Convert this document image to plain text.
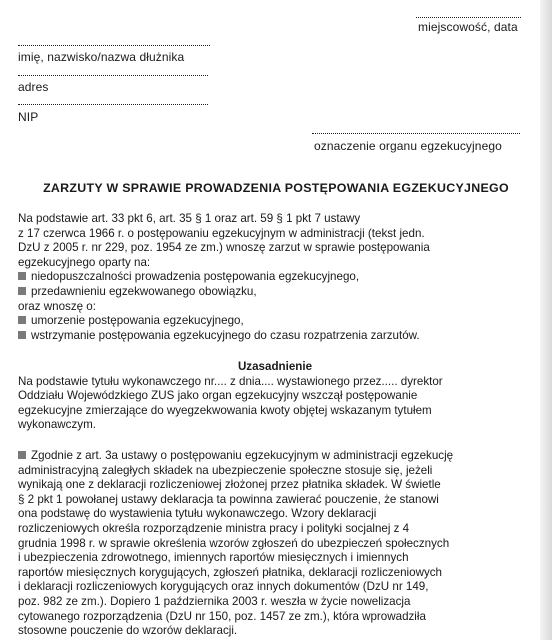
miejscowość, data
imię, nazwisko/nazwa dłużnika
adres
NIP
oznaczenie organu egzekucyjnego
ZARZUTY W SPRAWIE PROWADZENIA POSTĘPOWANIA EGZEKUCYJNEGO
Na podstawie art. 33 pkt 6, art. 35 § 1 oraz art. 59 § 1 pkt 7 ustawy
z 17 czerwca 1966 r. o postępowaniu egzekucyjnym w administracji (tekst jedn.
DzU z 2005 r. nr 229, poz. 1954 ze zm.) wnoszę zarzut w sprawie postępowania
egzekucyjnego oparty na:
niedopuszczalności prowadzenia postępowania egzekucyjnego,
przedawnieniu egzekwowanego obowiązku,
oraz wnoszę o:
umorzenie postępowania egzekucyjnego,
wstrzymanie postępowania egzekucyjnego do czasu rozpatrzenia zarzutów.
Uzasadnienie
Na podstawie tytułu wykonawczego nr.... z dnia.... wystawionego przez..... dyrektor
Oddziału Wojewódzkiego ZUS jako organ egzekucyjny wszczął postępowanie
egzekucyjne zmierzające do wyegzekwowania kwoty objętej wskazanym tytułem
wykonawczym.
Zgodnie z art. 3a ustawy o postępowaniu egzekucyjnym w administracji egzekucję
administracyjną zaległych składek na ubezpieczenie społeczne stosuje się, jeżeli
wynikają one z deklaracji rozliczeniowej złożonej przez płatnika składek. W świetle
§ 2 pkt 1 powołanej ustawy deklaracja ta powinna zawierać pouczenie, że stanowi
ona podstawę do wystawienia tytułu wykonawczego. Wzory deklaracji
rozliczeniowych określa rozporządzenie ministra pracy i polityki socjalnej z 4
grudnia 1998 r. w sprawie określenia wzorów zgłoszeń do ubezpieczeń społecznych
i ubezpieczenia zdrowotnego, imiennych raportów miesięcznych i imiennych
raportów miesięcznych korygujących, zgłoszeń płatnika, deklaracji rozliczeniowych
i deklaracji rozliczeniowych korygujących oraz innych dokumentów (DzU nr 149,
poz. 982 ze zm.). Dopiero 1 października 2003 r. weszła w życie nowelizacja
cytowanego rozporządzenia (DzU nr 150, poz. 1457 ze zm.), która wprowadziła
stosowne pouczenie do wzorów deklaracji.
